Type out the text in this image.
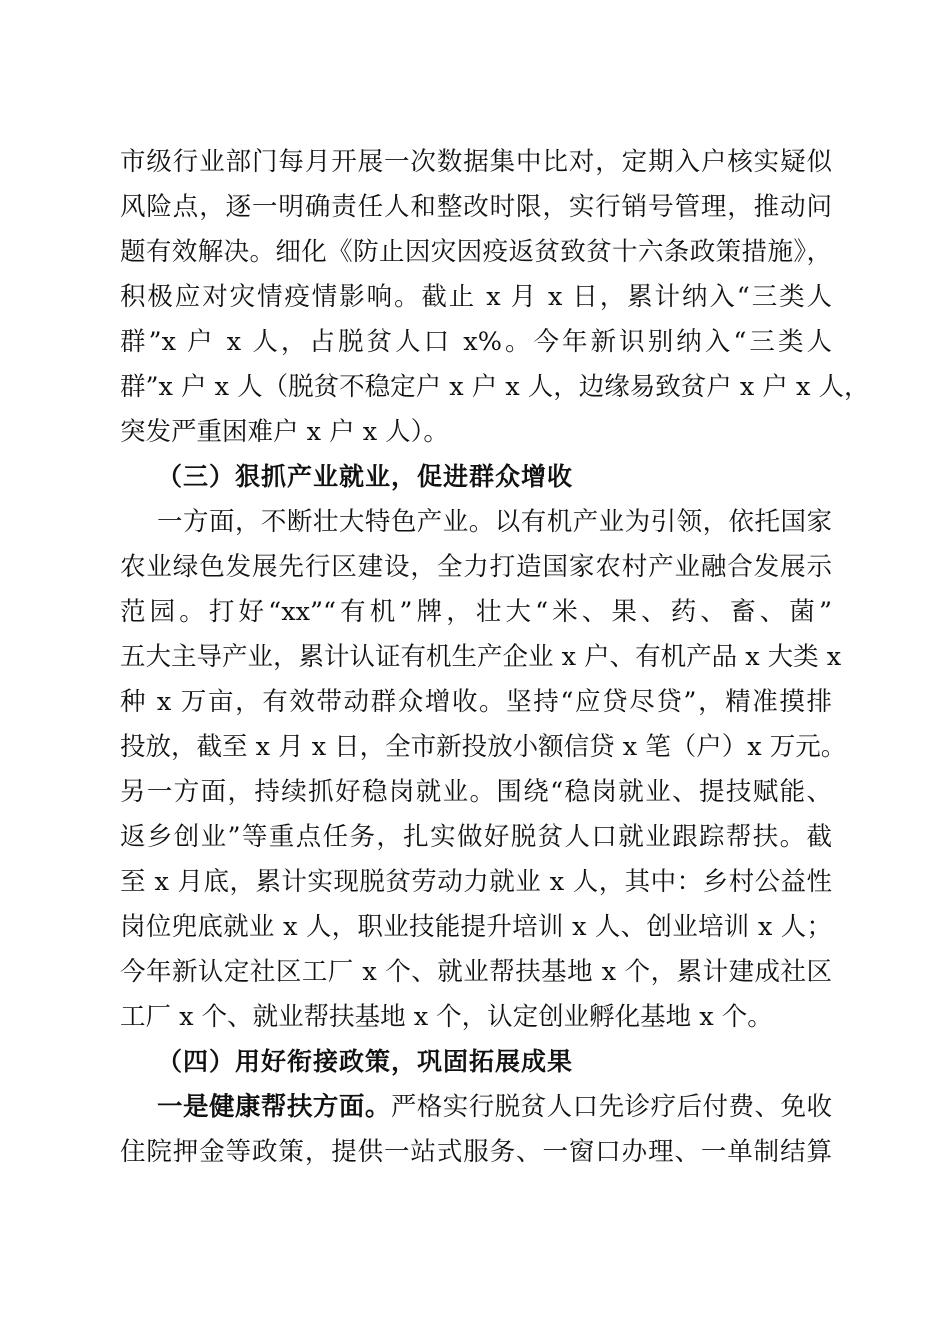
市级行业部门每月开展一次数据集中比对，定期入户核实疑似
风险点，逐一明确责任人和整改时限，实行销号管理，推动问
题有效解决。细化《防止因灾因疫返贫致贫十六条政策措施》，
积极应对灾情疫情影响。截止 x 月 x 日，累计纳入“三类人
群”x 户 x 人，占脱贫人口 x%。今年新识别纳入“三类人
群”x 户 x 人（脱贫不稳定户 x 户 x 人，边缘易致贫户 x 户 x 人，
突发严重困难户 x 户 x 人）。
（三）狠抓产业就业，促进群众增收
一方面，不断壮大特色产业。以有机产业为引领，依托国家
农业绿色发展先行区建设，全力打造国家农村产业融合发展示
范园。打好“xx”“有机”牌，壮大“米、果、药、畜、菌”
五大主导产业，累计认证有机生产企业 x 户、有机产品 x 大类 x
种 x 万亩，有效带动群众增收。坚持“应贷尽贷”，精准摸排
投放，截至 x 月 x 日，全市新投放小额信贷 x 笔（户）x 万元。
另一方面，持续抓好稳岗就业。围绕“稳岗就业、提技赋能、
返乡创业”等重点任务，扎实做好脱贫人口就业跟踪帮扶。截
至 x 月底，累计实现脱贫劳动力就业 x 人，其中：乡村公益性
岗位兜底就业 x 人，职业技能提升培训 x 人、创业培训 x 人；
今年新认定社区工厂 x 个、就业帮扶基地 x 个，累计建成社区
工厂 x 个、就业帮扶基地 x 个，认定创业孵化基地 x 个。
（四）用好衔接政策，巩固拓展成果
一是健康帮扶方面。严格实行脱贫人口先诊疗后付费、免收
住院押金等政策，提供一站式服务、一窗口办理、一单制结算
